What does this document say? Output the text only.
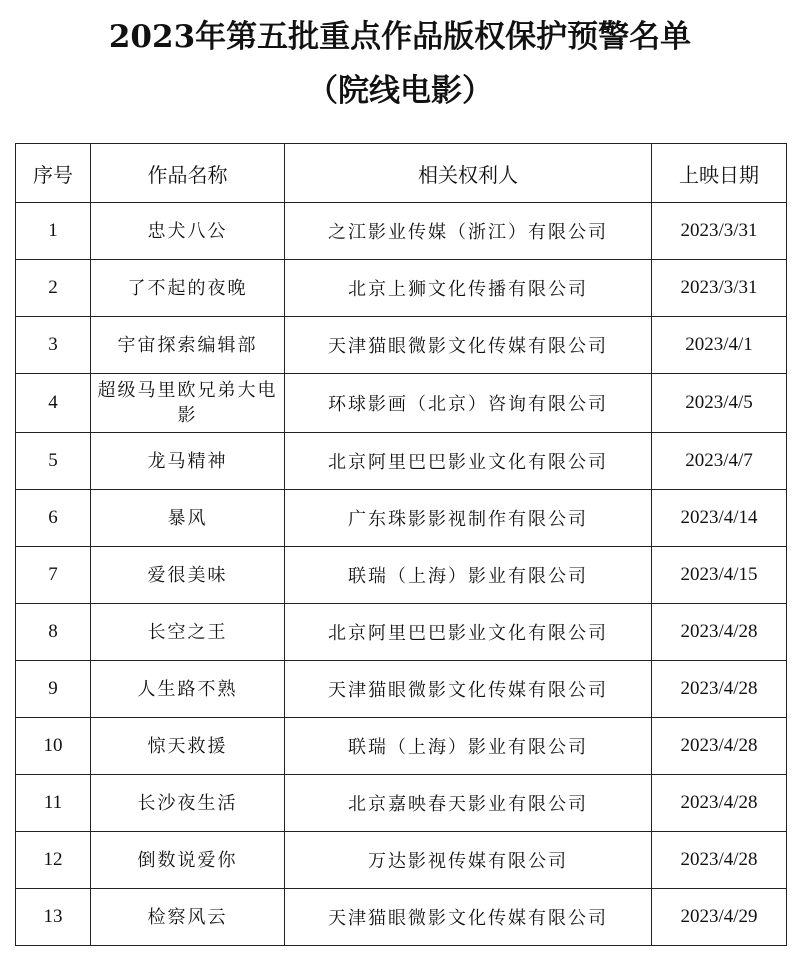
2023年第五批重点作品版权保护预警名单
（院线电影）
序号	作品名称	相关权利人	上映日期
1	忠犬八公	之江影业传媒（浙江）有限公司	2023/3/31
2	了不起的夜晚	北京上狮文化传播有限公司	2023/3/31
3	宇宙探索编辑部	天津猫眼微影文化传媒有限公司	2023/4/1
4	超级马里欧兄弟大电影	环球影画（北京）咨询有限公司	2023/4/5
5	龙马精神	北京阿里巴巴影业文化有限公司	2023/4/7
6	暴风	广东珠影影视制作有限公司	2023/4/14
7	爱很美味	联瑞（上海）影业有限公司	2023/4/15
8	长空之王	北京阿里巴巴影业文化有限公司	2023/4/28
9	人生路不熟	天津猫眼微影文化传媒有限公司	2023/4/28
10	惊天救援	联瑞（上海）影业有限公司	2023/4/28
11	长沙夜生活	北京嘉映春天影业有限公司	2023/4/28
12	倒数说爱你	万达影视传媒有限公司	2023/4/28
13	检察风云	天津猫眼微影文化传媒有限公司	2023/4/29
